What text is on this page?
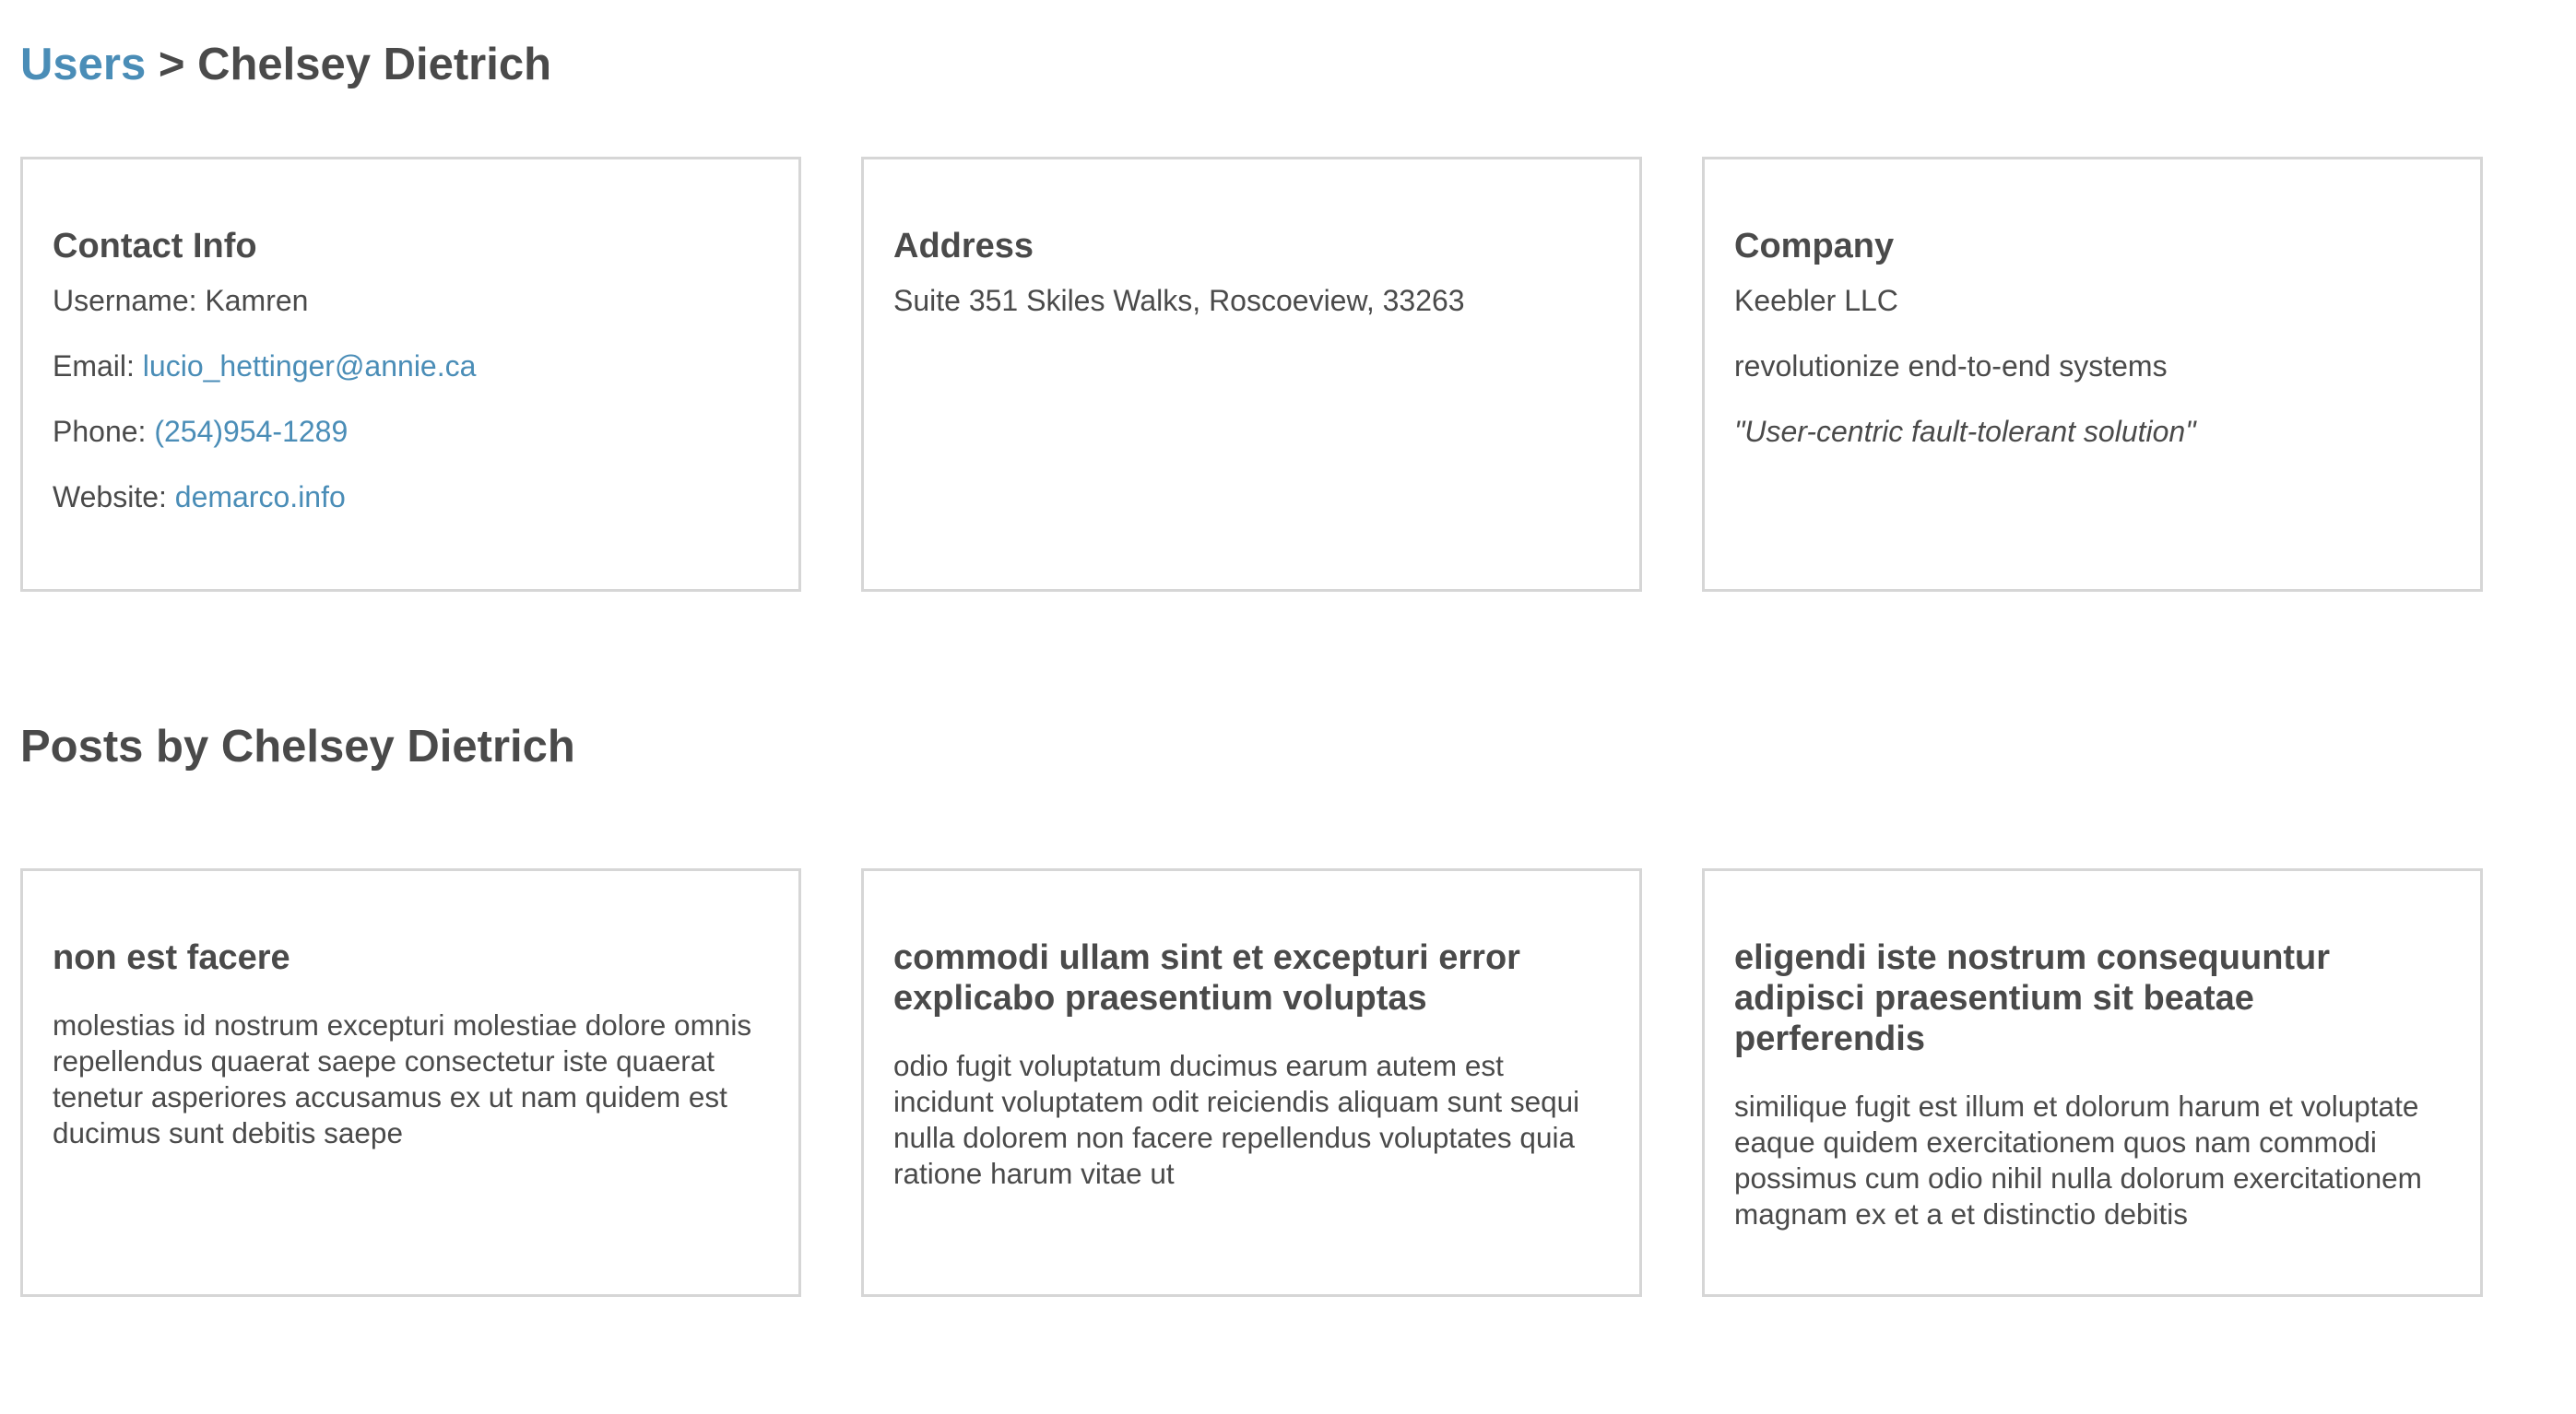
Users > Chelsey Dietrich
Contact Info

Username: Kamren

Email: lucio_hettinger@annie.ca

Phone: (254)954-1289

Website: demarco.info

Address

Suite 351 Skiles Walks, Roscoeview, 33263

Company

Keebler LLC

revolutionize end-to-end systems

"User-centric fault-tolerant solution"

Posts by Chelsey Dietrich
non est facere

molestias id nostrum excepturi molestiae dolore omnis repellendus quaerat saepe consectetur iste quaerat tenetur asperiores accusamus ex ut nam quidem est ducimus sunt debitis saepe

commodi ullam sint et excepturi error explicabo praesentium voluptas

odio fugit voluptatum ducimus earum autem est incidunt voluptatem odit reiciendis aliquam sunt sequi nulla dolorem non facere repellendus voluptates quia ratione harum vitae ut

eligendi iste nostrum consequuntur adipisci praesentium sit beatae perferendis

similique fugit est illum et dolorum harum et voluptate eaque quidem exercitationem quos nam commodi possimus cum odio nihil nulla dolorum exercitationem magnam ex et a et distinctio debitis
